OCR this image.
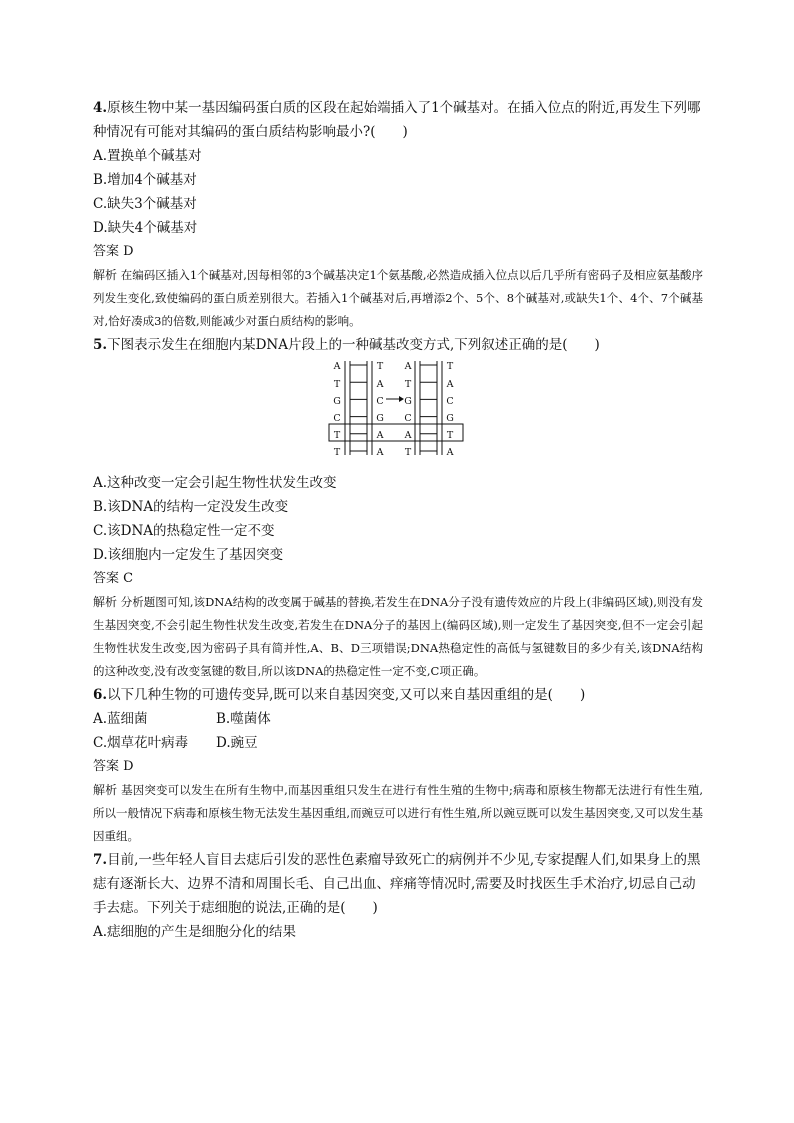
4.原核生物中某一基因编码蛋白质的区段在起始端插入了1个碱基对。在插入位点的附近,再发生下列哪种情况有可能对其编码的蛋白质结构影响最小?(　　)

A.置换单个碱基对

B.增加4个碱基对

C.缺失3个碱基对

D.缺失4个碱基对

答案 D

解析 在编码区插入1个碱基对,因每相邻的3个碱基决定1个氨基酸,必然造成插入位点以后几乎所有密码子及相应氨基酸序列发生变化,致使编码的蛋白质差别很大。若插入1个碱基对后,再增添2个、5个、8个碱基对,或缺失1个、4个、7个碱基对,恰好凑成3的倍数,则能减少对蛋白质结构的影响。

5.下图表示发生在细胞内某DNA片段上的一种碱基改变方式,下列叙述正确的是(　　)

A
T
G
C
T
T
T
A
C
G
A
A
A
T
G
C
A
T
T
A
C
G
T
A

A.这种改变一定会引起生物性状发生改变

B.该DNA的结构一定没发生改变

C.该DNA的热稳定性一定不变

D.该细胞内一定发生了基因突变

答案 C

解析 分析题图可知,该DNA结构的改变属于碱基的替换,若发生在DNA分子没有遗传效应的片段上(非编码区域),则没有发生基因突变,不会引起生物性状发生改变,若发生在DNA分子的基因上(编码区域),则一定发生了基因突变,但不一定会引起生物性状发生改变,因为密码子具有简并性,A、B、D三项错误;DNA热稳定性的高低与氢键数目的多少有关,该DNA结构的这种改变,没有改变氢键的数目,所以该DNA的热稳定性一定不变,C项正确。

6.以下几种生物的可遗传变异,既可以来自基因突变,又可以来自基因重组的是(　　)

A.蓝细菌	B.噬菌体
C.烟草花叶病毒	D.豌豆

答案 D

解析 基因突变可以发生在所有生物中,而基因重组只发生在进行有性生殖的生物中;病毒和原核生物都无法进行有性生殖,所以一般情况下病毒和原核生物无法发生基因重组,而豌豆可以进行有性生殖,所以豌豆既可以发生基因突变,又可以发生基因重组。

7.目前,一些年轻人盲目去痣后引发的恶性色素瘤导致死亡的病例并不少见,专家提醒人们,如果身上的黑痣有逐渐长大、边界不清和周围长毛、自己出血、痒痛等情况时,需要及时找医生手术治疗,切忌自己动手去痣。下列关于痣细胞的说法,正确的是(　　)

A.痣细胞的产生是细胞分化的结果
